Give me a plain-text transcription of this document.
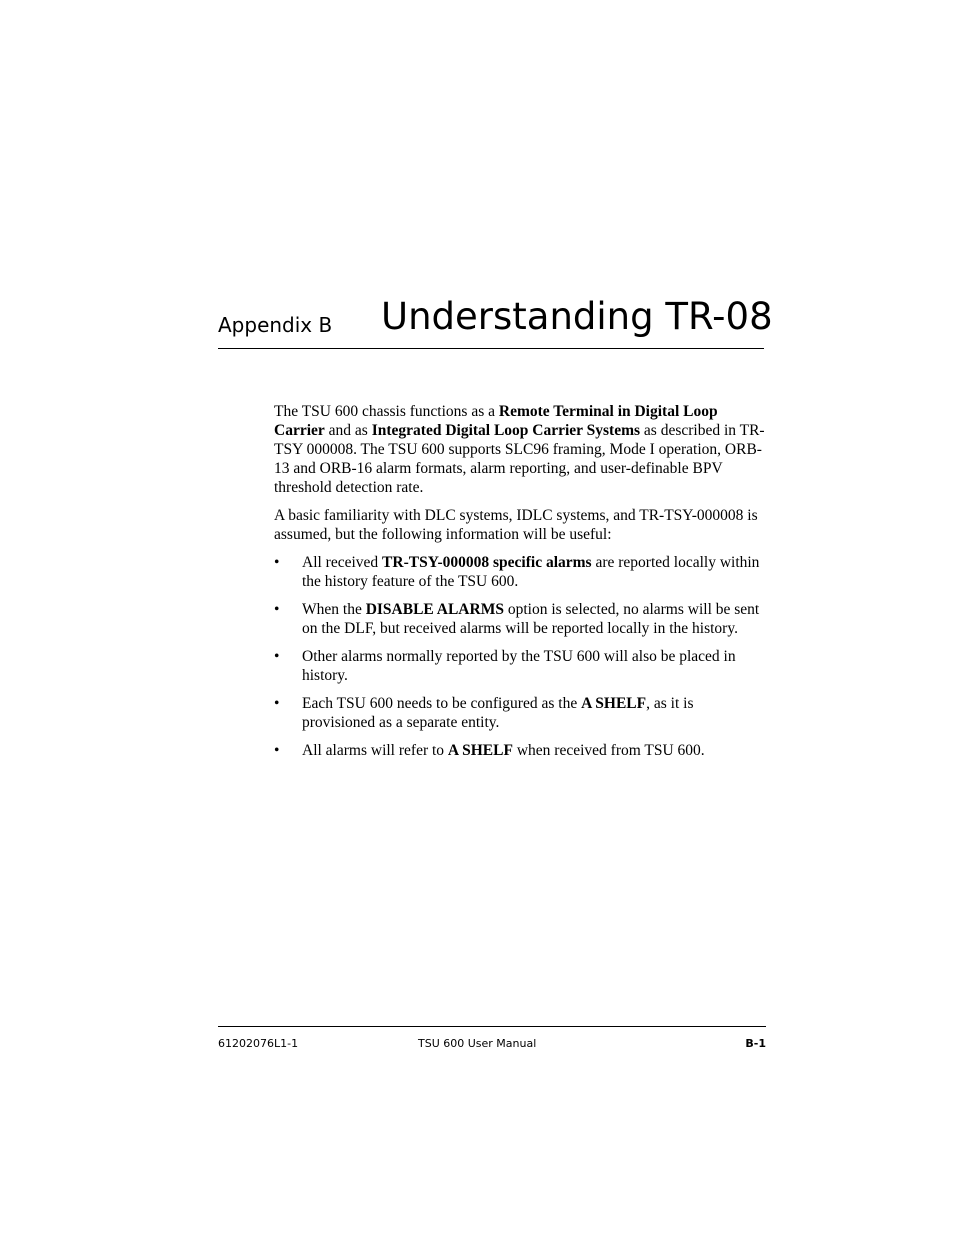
Appendix B Understanding TR-08

The TSU 600 chassis functions as a Remote Terminal in Digital Loop Carrier and as Integrated Digital Loop Carrier Systems as described in TR-TSY 000008. The TSU 600 supports SLC96 framing, Mode I operation, ORB-13 and ORB-16 alarm formats, alarm reporting, and user-definable BPV threshold detection rate.

A basic familiarity with DLC systems, IDLC systems, and TR-TSY-000008 is assumed, but the following information will be useful:

• All received TR-TSY-000008 specific alarms are reported locally within the history feature of the TSU 600.
• When the DISABLE ALARMS option is selected, no alarms will be sent on the DLF, but received alarms will be reported locally in the history.
• Other alarms normally reported by the TSU 600 will also be placed in history.
• Each TSU 600 needs to be configured as the A SHELF, as it is provisioned as a separate entity.
• All alarms will refer to A SHELF when received from TSU 600.
61202076L1-1	TSU 600 User Manual	B-1
